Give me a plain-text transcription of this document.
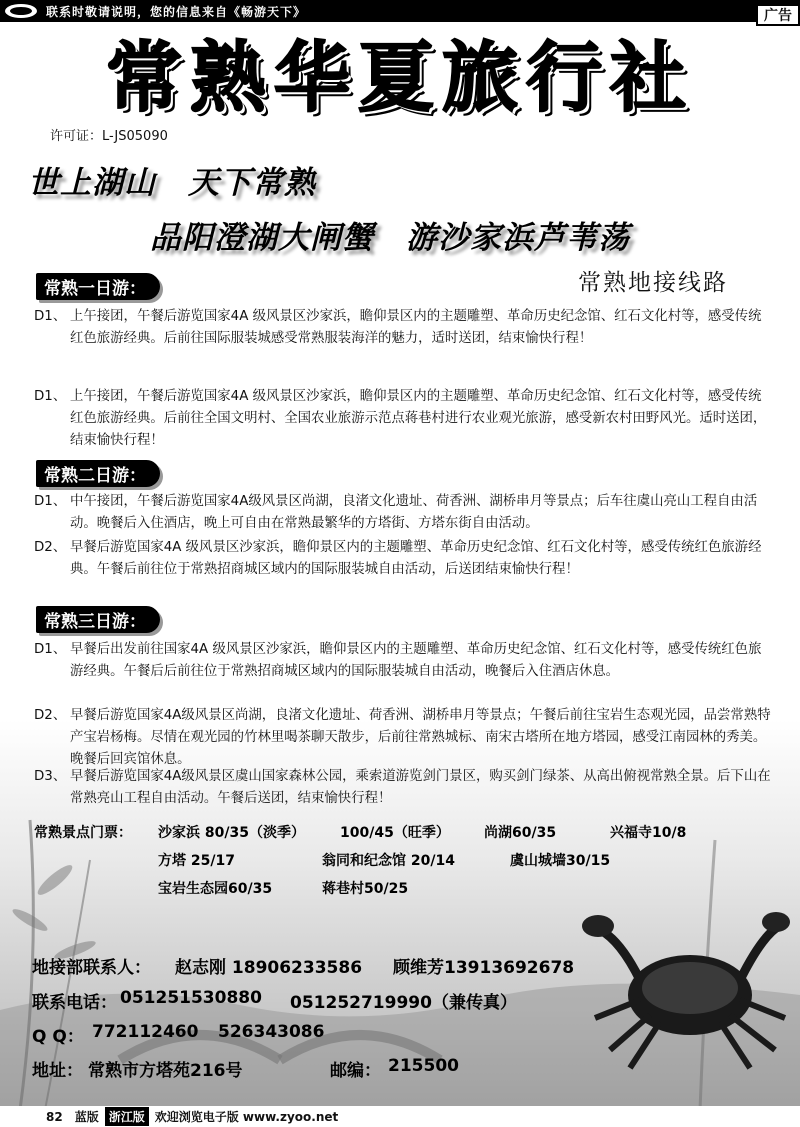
联系时敬请说明，您的信息来自《畅游天下》	广告
常熟华夏旅行社
许可证：L-JS05090
世上湖山　天下常熟
品阳澄湖大闸蟹　游沙家浜芦苇荡
常熟地接线路
常熟一日游：
D1、 上午接团，午餐后游览国家4A 级风景区沙家浜，瞻仰景区内的主题雕塑、革命历史纪念馆、红石文化村等，感受传统红色旅游经典。后前往国际服装城感受常熟服装海洋的魅力，适时送团，结束愉快行程！
D1、 上午接团，午餐后游览国家4A 级风景区沙家浜，瞻仰景区内的主题雕塑、革命历史纪念馆、红石文化村等，感受传统红色旅游经典。后前往全国文明村、全国农业旅游示范点蒋巷村进行农业观光旅游，感受新农村田野风光。适时送团，结束愉快行程！
常熟二日游：
D1、 中午接团，午餐后游览国家4A级风景区尚湖，良渚文化遗址、荷香洲、湖桥串月等景点；后车往虞山亮山工程自由活动。晚餐后入住酒店，晚上可自由在常熟最繁华的方塔街、方塔东街自由活动。
D2、 早餐后游览国家4A 级风景区沙家浜，瞻仰景区内的主题雕塑、革命历史纪念馆、红石文化村等，感受传统红色旅游经典。午餐后前往位于常熟招商城区域内的国际服装城自由活动，后送团结束愉快行程！
常熟三日游：
D1、 早餐后出发前往国家4A 级风景区沙家浜，瞻仰景区内的主题雕塑、革命历史纪念馆、红石文化村等，感受传统红色旅游经典。午餐后后前往位于常熟招商城区域内的国际服装城自由活动，晚餐后入住酒店休息。
D2、 早餐后游览国家4A级风景区尚湖，良渚文化遗址、荷香洲、湖桥串月等景点；午餐后前往宝岩生态观光园，品尝常熟特产宝岩杨梅。尽情在观光园的竹林里喝茶聊天散步，后前往常熟城标、南宋古塔所在地方塔园，感受江南园林的秀美。晚餐后回宾馆休息。
D3、 早餐后游览国家4A级风景区虞山国家森林公园，乘索道游览剑门景区，购买剑门绿茶、从高出俯视常熟全景。后下山在常熟亮山工程自由活动。午餐后送团，结束愉快行程！
常熟景点门票： 沙家浜 80/35（淡季）	100/45（旺季） 尚湖60/35	兴福寺10/8
方塔 25/17	翁同和纪念馆 20/14	虞山城墙30/15
宝岩生态园60/35	蒋巷村50/25
地接部联系人： 赵志刚 18906233586 顾维芳13913692678
联系电话： 051251530880 051252719990（兼传真）
Q Q： 772112460 526343086
地址： 常熟市方塔苑216号	邮编： 215500
82 蓝版 浙江版 欢迎浏览电子版 www.zyoo.net
